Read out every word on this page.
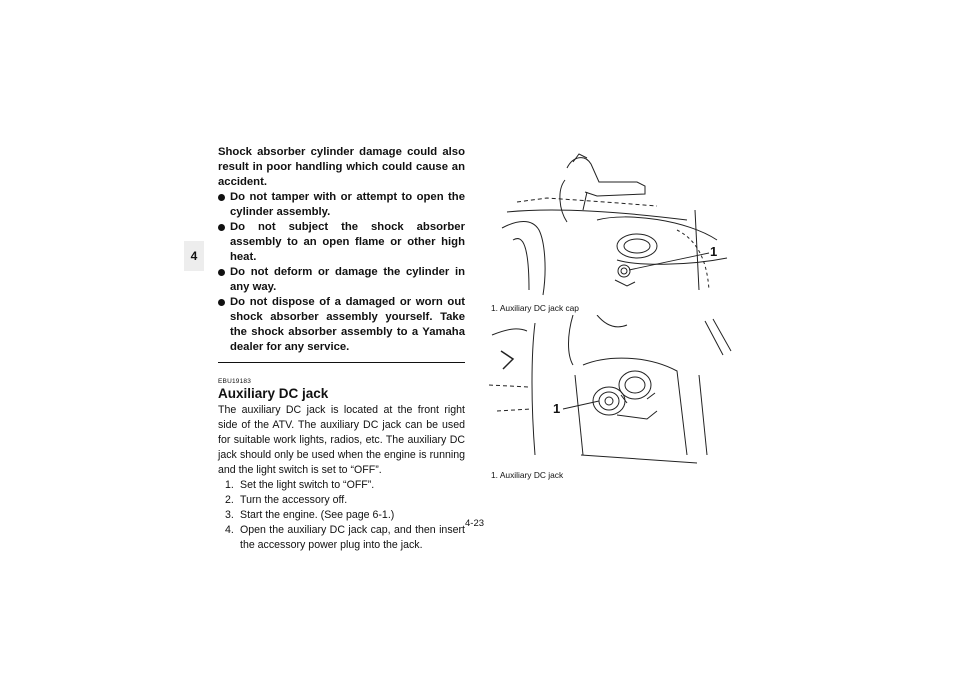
4

Shock absorber cylinder damage could also result in poor handling which could cause an accident.

Do not tamper with or attempt to open the cylinder assembly.
Do not subject the shock absorber assembly to an open flame or other high heat.
Do not deform or damage the cylinder in any way.
Do not dispose of a damaged or worn out shock absorber assembly yourself. Take the shock absorber assembly to a Yamaha dealer for any service.
EBU19183
Auxiliary DC jack

The auxiliary DC jack is located at the front right side of the ATV. The auxiliary DC jack can be used for suitable work lights, radios, etc. The auxiliary DC jack should only be used when the engine is running and the light switch is set to “OFF”.

1. Set the light switch to “OFF”.
2. Turn the accessory off.
3. Start the engine. (See page 6-1.)
4. Open the auxiliary DC jack cap, and then insert the accessory power plug into the jack.
1
1. Auxiliary DC jack cap
1
1. Auxiliary DC jack
4-23
